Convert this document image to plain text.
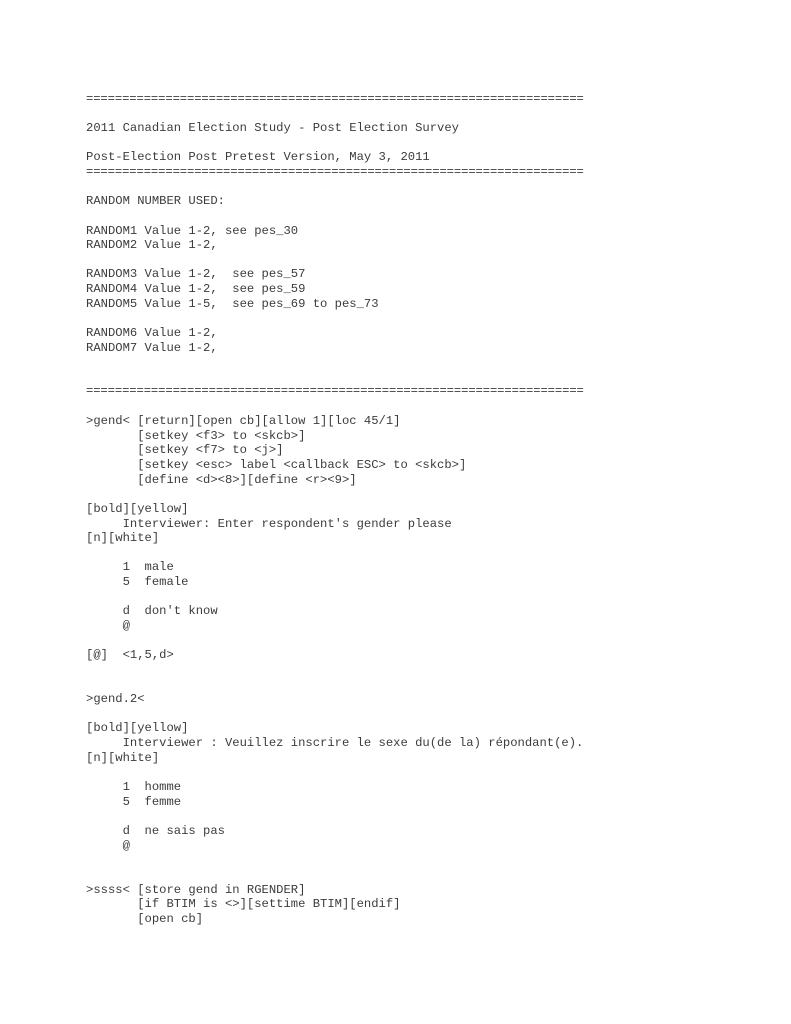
=====================================================================
2011 Canadian Election Study - Post Election Survey
Post-Election Post Pretest Version, May 3, 2011
=====================================================================
RANDOM NUMBER USED:
RANDOM1 Value 1-2, see pes_30
RANDOM2 Value 1-2,
RANDOM3 Value 1-2,  see pes_57
RANDOM4 Value 1-2,  see pes_59
RANDOM5 Value 1-5,  see pes_69 to pes_73
RANDOM6 Value 1-2,
RANDOM7 Value 1-2,
=====================================================================
>gend< [return][open cb][allow 1][loc 45/1]
[setkey <f3> to <skcb>]
[setkey <f7> to <j>]
[setkey <esc> label <callback ESC> to <skcb>]
[define <d><8>][define <r><9>]
[bold][yellow]
Interviewer: Enter respondent's gender please
[n][white]
1  male
5  female
d  don't know
@
[@]  <1,5,d>
>gend.2<
[bold][yellow]
Interviewer : Veuillez inscrire le sexe du(de la) répondant(e).
[n][white]
1  homme
5  femme
d  ne sais pas
@
>ssss< [store gend in RGENDER]
[if BTIM is <>][settime BTIM][endif]
[open cb]
